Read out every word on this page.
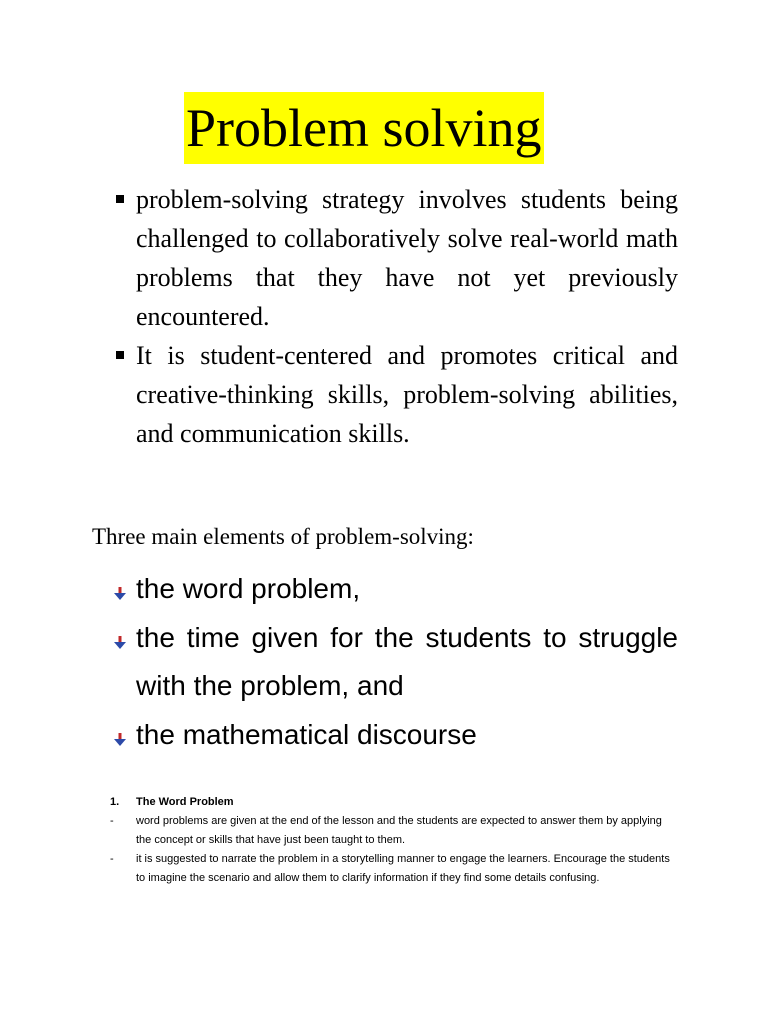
Problem solving
problem-solving strategy involves students being challenged to collaboratively solve real-world math problems that they have not yet previously encountered.
It is student-centered and promotes critical and creative-thinking skills, problem-solving abilities, and communication skills.
Three main elements of problem-solving:
the word problem,
the time given for the students to struggle with the problem, and
the mathematical discourse
1.	The Word Problem
-	word problems are given at the end of the lesson and the students are expected to answer them by applying the concept or skills that have just been taught to them.
-	it is suggested to narrate the problem in a storytelling manner to engage the learners. Encourage the students to imagine the scenario and allow them to clarify information if they find some details confusing.
